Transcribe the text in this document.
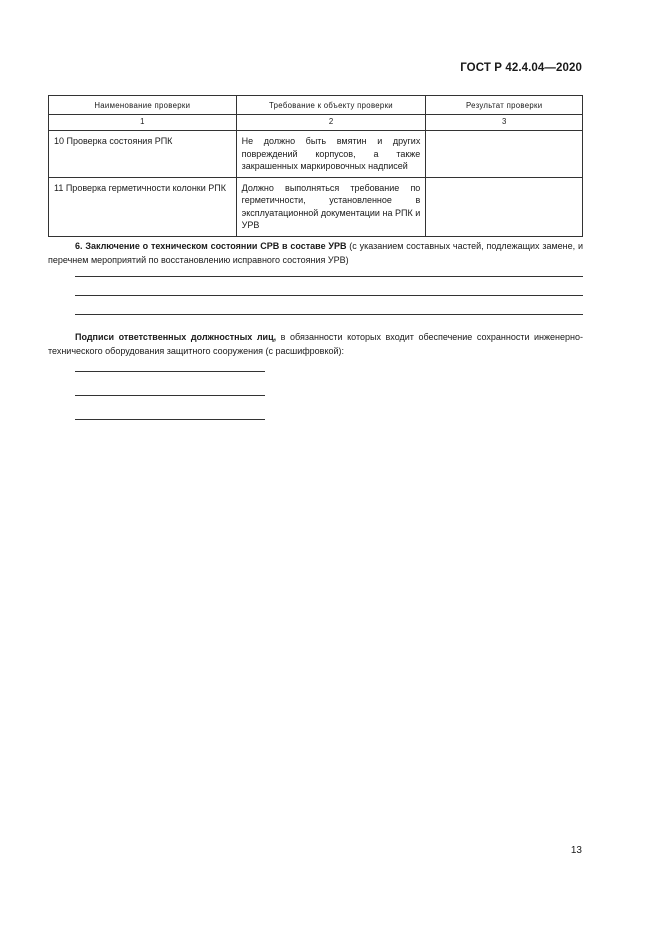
ГОСТ Р 42.4.04—2020
Наименование проверки	Требование к объекту проверки	Результат проверки
1	2	3
10 Проверка состояния РПК	Не должно быть вмятин и других повреждений корпусов, а также закрашенных маркировочных надписей	
11 Проверка герметичности колонки РПК	Должно выполняться требование по герметичности, установленное в эксплуатационной документации на РПК и УРВ	
6. Заключение о техническом состоянии СРВ в составе УРВ (с указанием составных частей, подлежащих замене, и перечнем мероприятий по восстановлению исправного состояния УРВ)
Подписи ответственных должностных лиц, в обязанности которых входит обеспечение сохранности инженерно-технического оборудования защитного сооружения (с расшифровкой):
13
